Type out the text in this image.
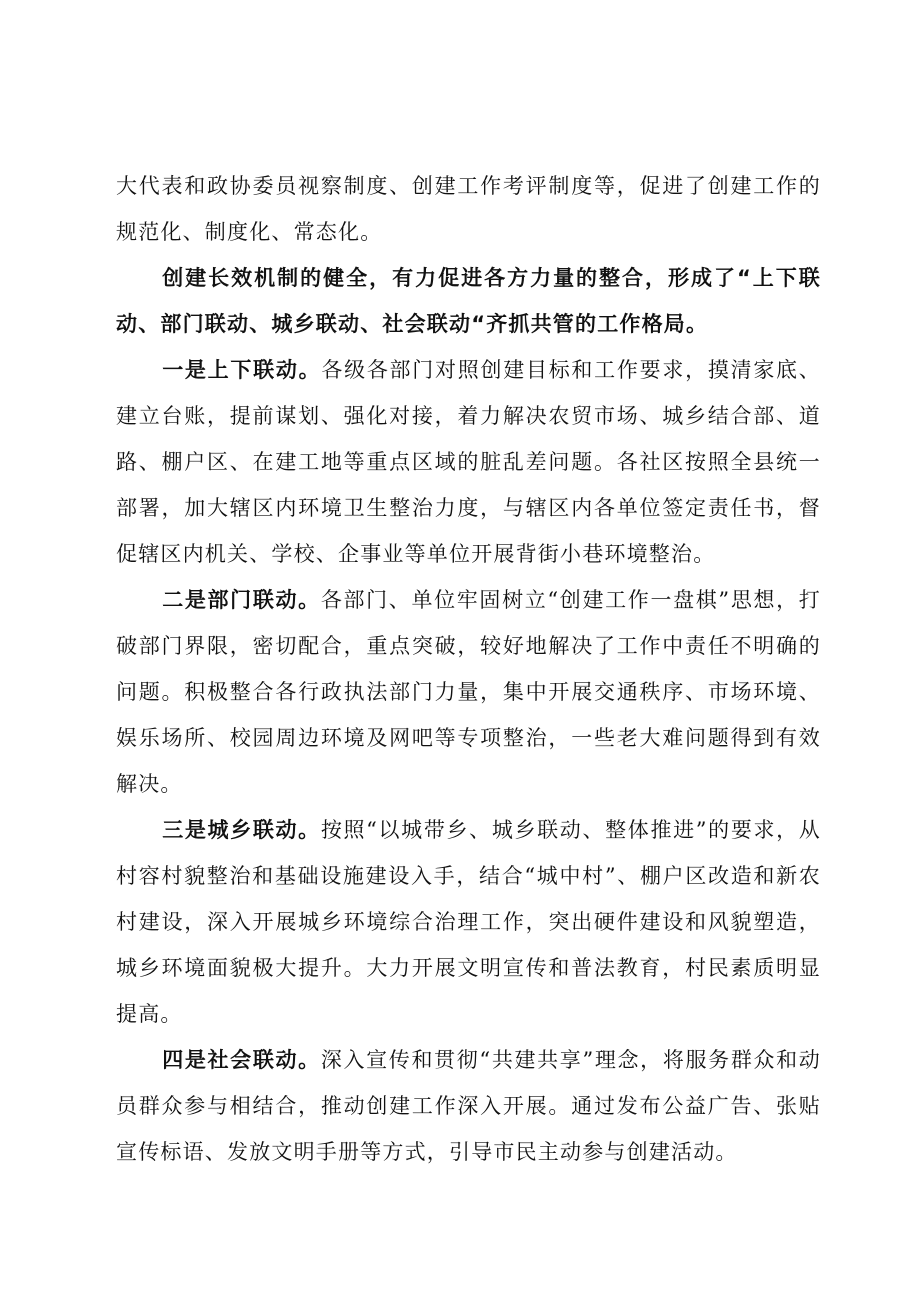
大代表和政协委员视察制度、创建工作考评制度等，促进了创建工作的规范化、制度化、常态化。

创建长效机制的健全，有力促进各方力量的整合，形成了“上下联动、部门联动、城乡联动、社会联动“齐抓共管的工作格局。

一是上下联动。各级各部门对照创建目标和工作要求，摸清家底、建立台账，提前谋划、强化对接，着力解决农贸市场、城乡结合部、道路、棚户区、在建工地等重点区域的脏乱差问题。各社区按照全县统一部署，加大辖区内环境卫生整治力度，与辖区内各单位签定责任书，督促辖区内机关、学校、企事业等单位开展背街小巷环境整治。

二是部门联动。各部门、单位牢固树立“创建工作一盘棋”思想，打破部门界限，密切配合，重点突破，较好地解决了工作中责任不明确的问题。积极整合各行政执法部门力量，集中开展交通秩序、市场环境、娱乐场所、校园周边环境及网吧等专项整治，一些老大难问题得到有效解决。

三是城乡联动。按照“以城带乡、城乡联动、整体推进”的要求，从村容村貌整治和基础设施建设入手，结合“城中村”、棚户区改造和新农村建设，深入开展城乡环境综合治理工作，突出硬件建设和风貌塑造，城乡环境面貌极大提升。大力开展文明宣传和普法教育，村民素质明显提高。

四是社会联动。深入宣传和贯彻“共建共享”理念，将服务群众和动员群众参与相结合，推动创建工作深入开展。通过发布公益广告、张贴宣传标语、发放文明手册等方式，引导市民主动参与创建活动。
